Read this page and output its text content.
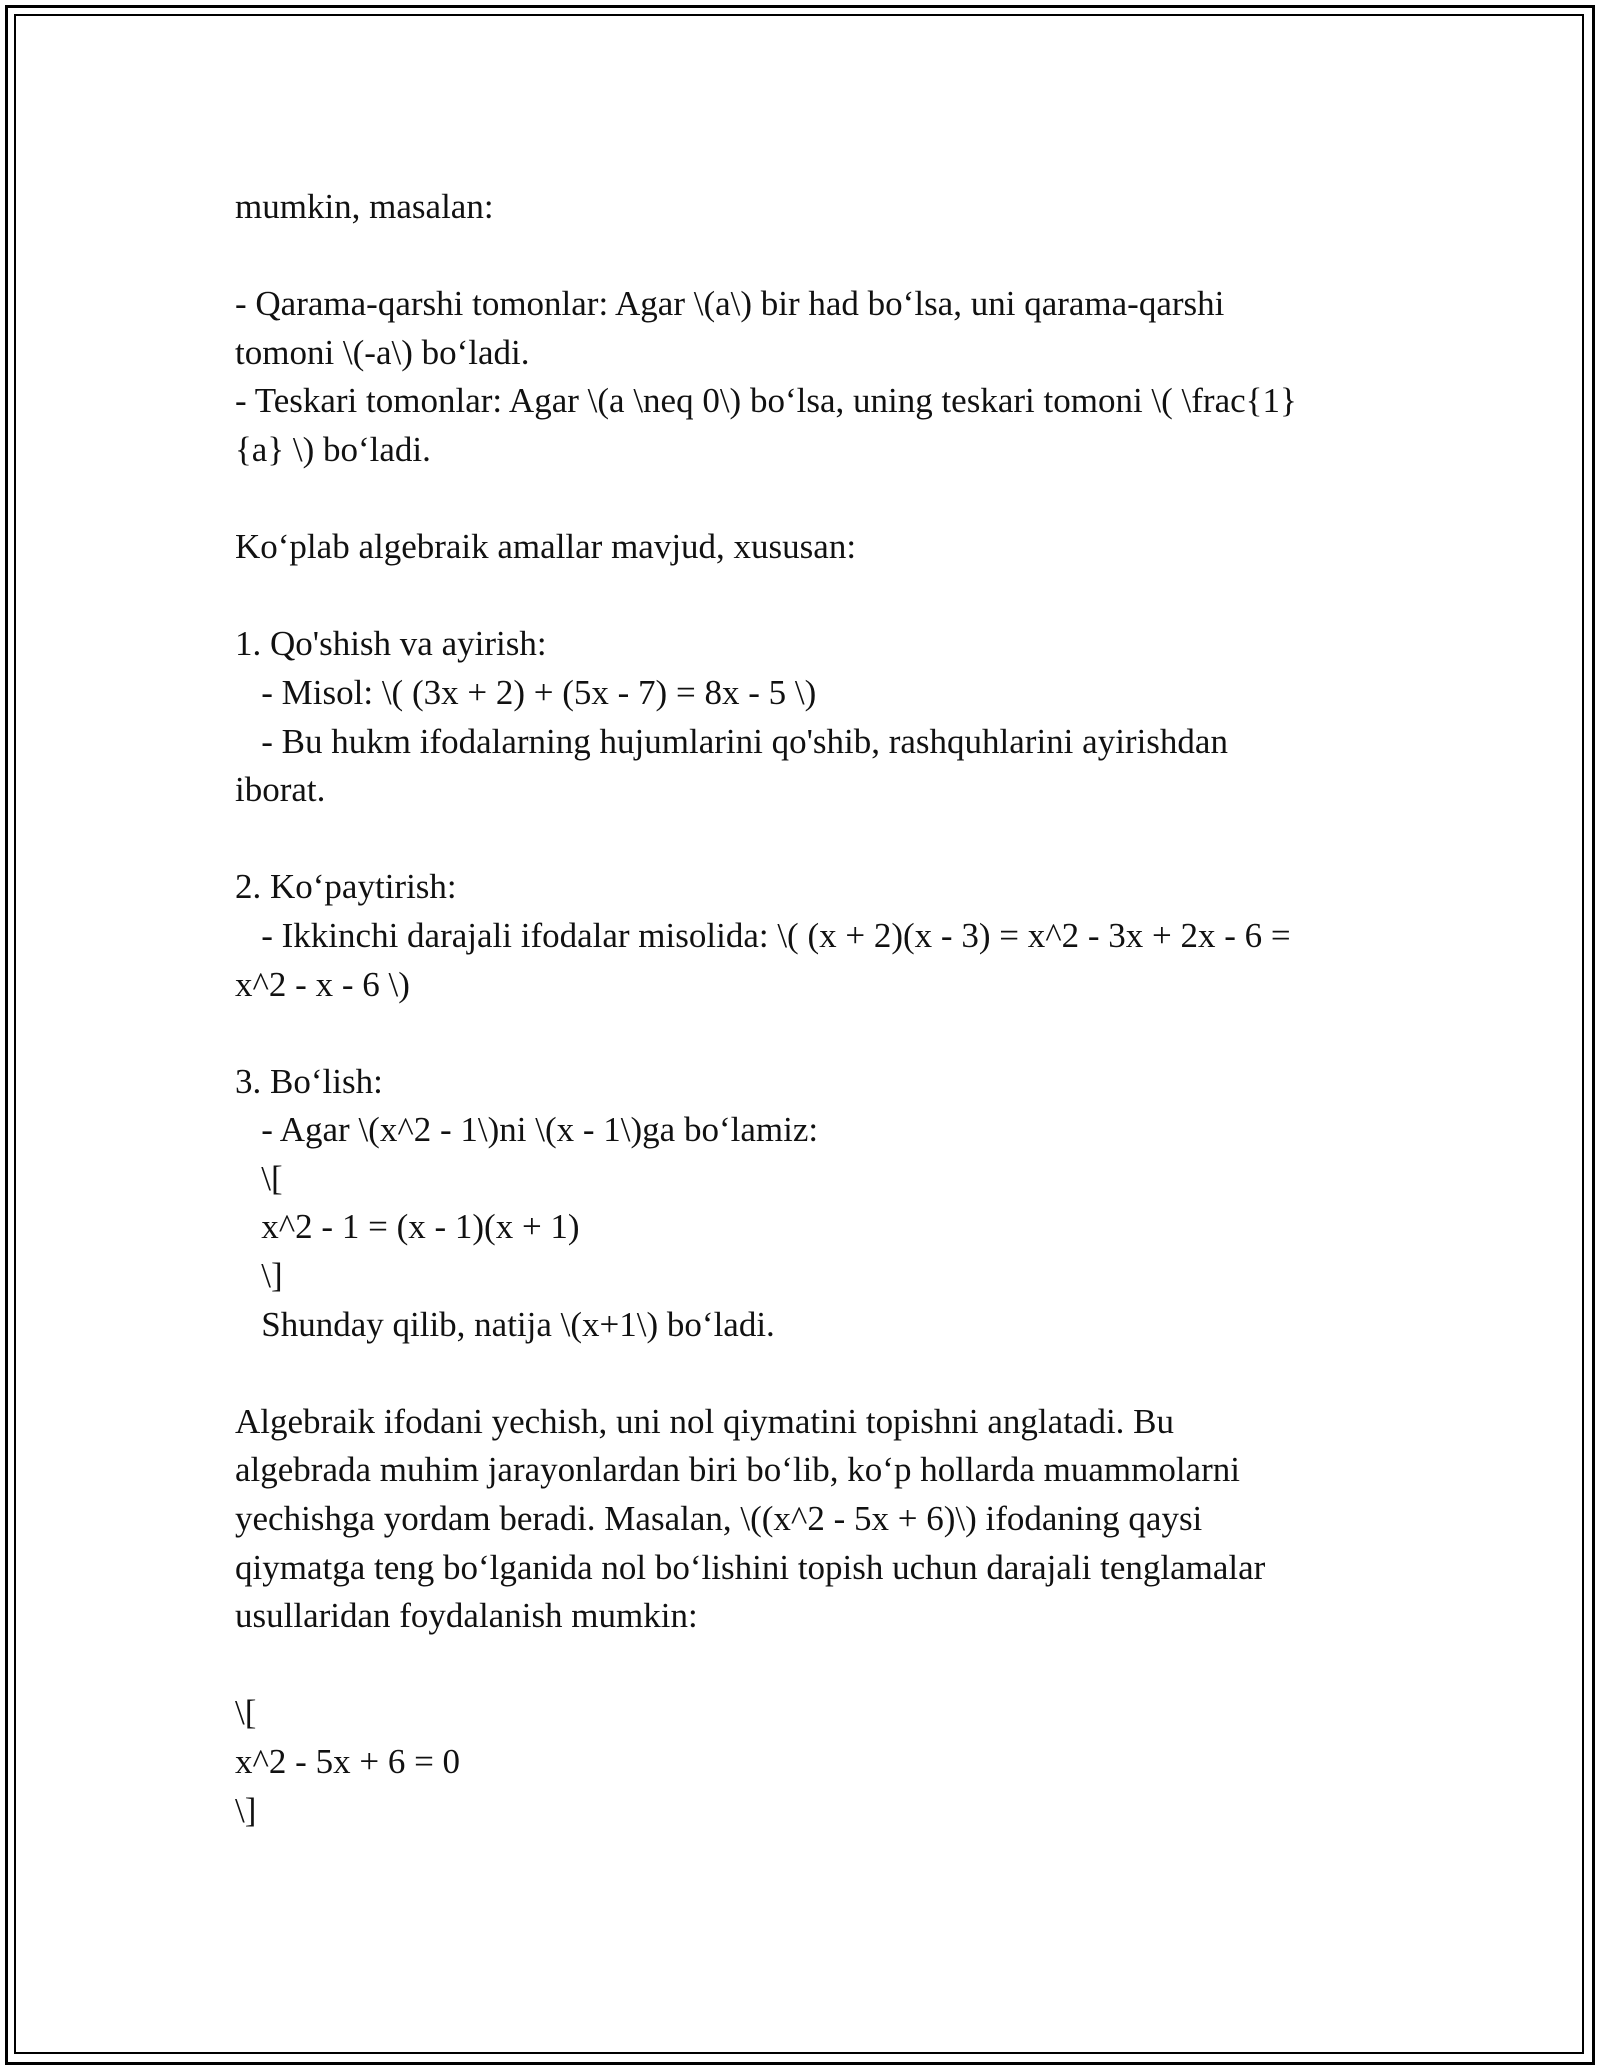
mumkin, masalan:
- Qarama-qarshi tomonlar: Agar \(a\) bir had bo‘lsa, uni qarama-qarshi
tomoni \(-a\) bo‘ladi.
- Teskari tomonlar: Agar \(a \neq 0\) bo‘lsa, uning teskari tomoni \( \frac{1}
{a} \) bo‘ladi.
Ko‘plab algebraik amallar mavjud, xususan:
1. Qo'shish va ayirish:
- Misol: \( (3x + 2) + (5x - 7) = 8x - 5 \)
- Bu hukm ifodalarning hujumlarini qo'shib, rashquhlarini ayirishdan
iborat.
2. Ko‘paytirish:
- Ikkinchi darajali ifodalar misolida: \( (x + 2)(x - 3) = x^2 - 3x + 2x - 6 =
x^2 - x - 6 \)
3. Bo‘lish:
- Agar \(x^2 - 1\)ni \(x - 1\)ga bo‘lamiz:
\[
x^2 - 1 = (x - 1)(x + 1)
\]
Shunday qilib, natija \(x+1\) bo‘ladi.
Algebraik ifodani yechish, uni nol qiymatini topishni anglatadi. Bu
algebrada muhim jarayonlardan biri bo‘lib, ko‘p hollarda muammolarni
yechishga yordam beradi. Masalan, \((x^2 - 5x + 6)\) ifodaning qaysi
qiymatga teng bo‘lganida nol bo‘lishini topish uchun darajali tenglamalar
usullaridan foydalanish mumkin:
\[
x^2 - 5x + 6 = 0
\]
